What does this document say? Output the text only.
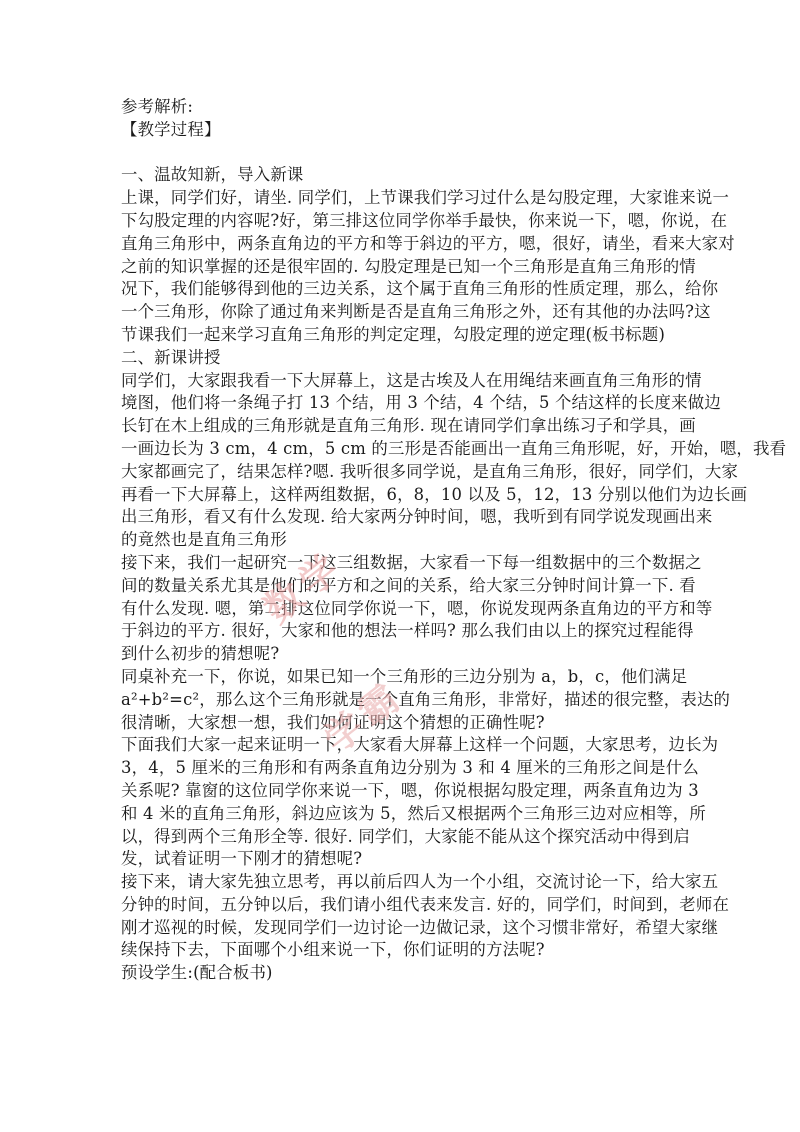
参考解析:
【教学过程】
一、温故知新，导入新课
上课，同学们好，请坐. 同学们，上节课我们学习过什么是勾股定理，大家谁来说一
下勾股定理的内容呢?好，第三排这位同学你举手最快，你来说一下，嗯，你说，在
直角三角形中，两条直角边的平方和等于斜边的平方，嗯，很好，请坐，看来大家对
之前的知识掌握的还是很牢固的. 勾股定理是已知一个三角形是直角三角形的情
况下，我们能够得到他的三边关系，这个属于直角三角形的性质定理，那么，给你
一个三角形，你除了通过角来判断是否是直角三角形之外，还有其他的办法吗?这
节课我们一起来学习直角三角形的判定定理，勾股定理的逆定理(板书标题)
二、新课讲授
同学们，大家跟我看一下大屏幕上，这是古埃及人在用绳结来画直角三角形的情
境图，他们将一条绳子打 13 个结，用 3 个结，4 个结，5 个结这样的长度来做边
长钉在木上组成的三角形就是直角三角形. 现在请同学们拿出练习子和学具，画
一画边长为 3 cm，4 cm，5 cm 的三形是否能画出一直角三角形呢，好，开始，嗯，我看
大家都画完了，结果怎样?嗯. 我听很多同学说，是直角三角形，很好，同学们，大家
再看一下大屏幕上，这样两组数据，6，8，10 以及 5，12，13 分别以他们为边长画
出三角形，看又有什么发现. 给大家两分钟时间，嗯，我听到有同学说发现画出来
的竟然也是直角三角形
接下来，我们一起研究一下这三组数据，大家看一下每一组数据中的三个数据之
间的数量关系尤其是他们的平方和之间的关系，给大家三分钟时间计算一下. 看
有什么发现. 嗯，第二排这位同学你说一下，嗯，你说发现两条直角边的平方和等
于斜边的平方. 很好，大家和他的想法一样吗? 那么我们由以上的探究过程能得
到什么初步的猜想呢?
同桌补充一下，你说，如果已知一个三角形的三边分别为 a，b，c，他们满足
a²+b²=c²，那么这个三角形就是一个直角三角形，非常好，描述的很完整，表达的
很清晰，大家想一想，我们如何证明这个猜想的正确性呢?
下面我们大家一起来证明一下，大家看大屏幕上这样一个问题，大家思考，边长为
3，4，5 厘米的三角形和有两条直角边分别为 3 和 4 厘米的三角形之间是什么
关系呢? 靠窗的这位同学你来说一下，嗯，你说根据勾股定理，两条直角边为 3
和 4 米的直角三角形，斜边应该为 5，然后又根据两个三角形三边对应相等，所
以，得到两个三角形全等. 很好. 同学们，大家能不能从这个探究活动中得到启
发，试着证明一下刚才的猜想呢?
接下来，请大家先独立思考，再以前后四人为一个小组，交流讨论一下，给大家五
分钟的时间，五分钟以后，我们请小组代表来发言. 好的，同学们，时间到，老师在
刚才巡视的时候，发现同学们一边讨论一边做记录，这个习惯非常好，希望大家继
续保持下去，下面哪个小组来说一下，你们证明的方法呢?
预设学生:(配合板书)
数学
学霸
